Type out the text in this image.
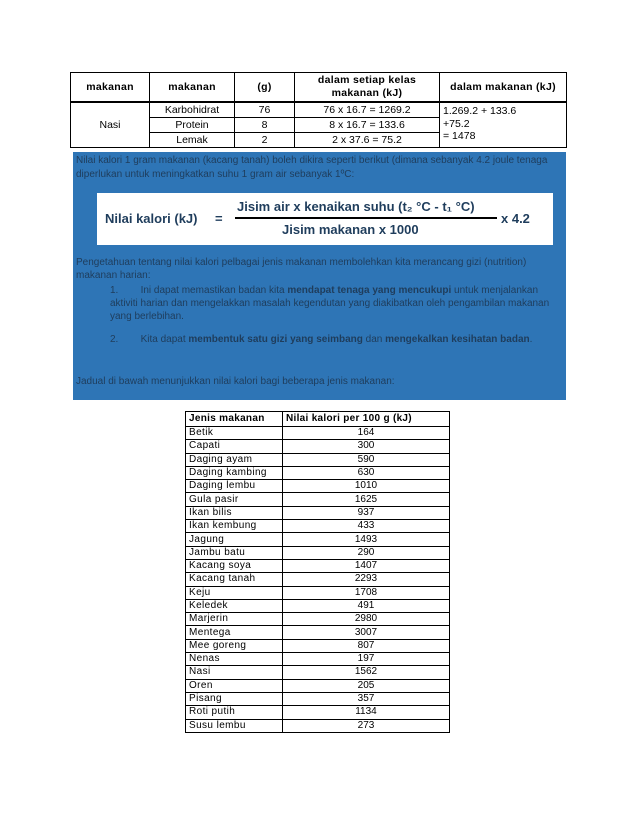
makanan	makanan	(g)	dalam setiap kelas makanan (kJ)	dalam makanan (kJ)
Nasi	Karbohidrat	76	76 x 16.7 = 1269.2	1.269.2 + 133.6
+75.2
= 1478

	Protein	8	8 x 16.7 = 133.6	
	Lemak	2	2 x 37.6 = 75.2	

Nilai kalori 1 gram makanan (kacang tanah) boleh dikira seperti berikut (dimana sebanyak 4.2 joule tenaga diperlukan untuk meningkatkan suhu 1 gram air sebanyak 1ºC:

Nilai kalori (kJ) =
Jisim air x kenaikan suhu (t₂ °C - t₁ °C)
Jisim makanan x 1000
x 4.2

Pengetahuan tentang nilai kalori pelbagai jenis makanan membolehkan kita merancang gizi (nutrition) makanan harian:

1. Ini dapat memastikan badan kita mendapat tenaga yang mencukupi untuk menjalankan aktiviti harian dan mengelakkan masalah kegendutan yang diakibatkan oleh pengambilan makanan yang berlebihan.

2. Kita dapat membentuk satu gizi yang seimbang dan mengekalkan kesihatan badan.

Jadual di bawah menunjukkan nilai kalori bagi beberapa jenis makanan:

Jenis makanan	Nilai kalori per 100 g (kJ)
Betik	164
Capati	300
Daging ayam	590
Daging kambing	630
Daging lembu	1010
Gula pasir	1625
Ikan bilis	937
Ikan kembung	433
Jagung	1493
Jambu batu	290
Kacang soya	1407
Kacang tanah	2293
Keju	1708
Keledek	491
Marjerin	2980
Mentega	3007
Mee goreng	807
Nenas	197
Nasi	1562
Oren	205
Pisang	357
Roti putih	1134
Susu lembu	273
